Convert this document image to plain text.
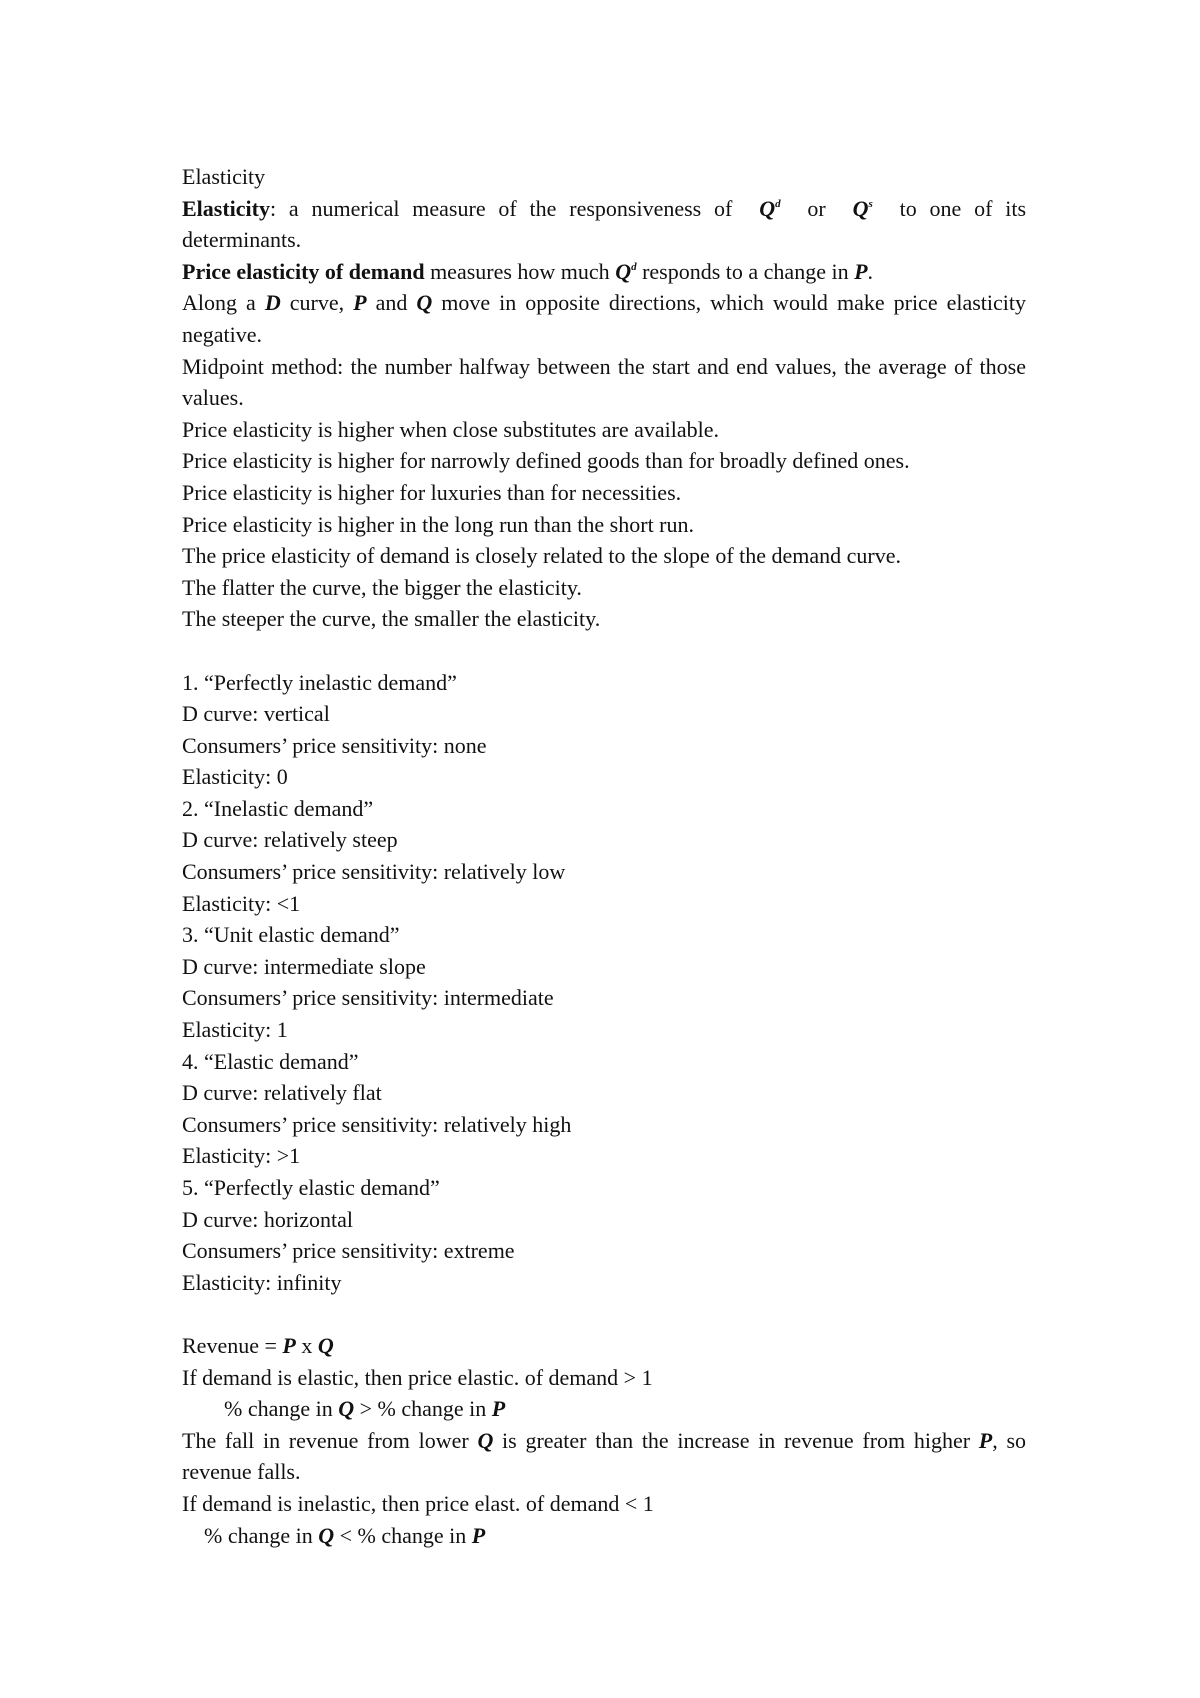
Elasticity
Elasticity: a numerical measure of the responsiveness of $Q^d$ or $Q^s$ to one of its determinants.
Price elasticity of demand measures how much $Q^d$ responds to a change in P.
Along a D curve, P and Q move in opposite directions, which would make price elasticity negative.
Midpoint method: the number halfway between the start and end values, the average of those values.
Price elasticity is higher when close substitutes are available.
Price elasticity is higher for narrowly defined goods than for broadly defined ones.
Price elasticity is higher for luxuries than for necessities.
Price elasticity is higher in the long run than the short run.
The price elasticity of demand is closely related to the slope of the demand curve.
The flatter the curve, the bigger the elasticity.
The steeper the curve, the smaller the elasticity.
1. “Perfectly inelastic demand”
D curve: vertical
Consumers’ price sensitivity: none
Elasticity: 0
2. “Inelastic demand”
D curve: relatively steep
Consumers’ price sensitivity: relatively low
Elasticity: <1
3. “Unit elastic demand”
D curve: intermediate slope
Consumers’ price sensitivity: intermediate
Elasticity: 1
4. “Elastic demand”
D curve: relatively flat
Consumers’ price sensitivity: relatively high
Elasticity: >1
5. “Perfectly elastic demand”
D curve: horizontal
Consumers’ price sensitivity: extreme
Elasticity: infinity
Revenue = P x Q
If demand is elastic, then price elastic. of demand > 1
% change in Q > % change in P
The fall in revenue from lower Q is greater than the increase in revenue from higher P, so revenue falls.
If demand is inelastic, then price elast. of demand < 1
% change in Q < % change in P
